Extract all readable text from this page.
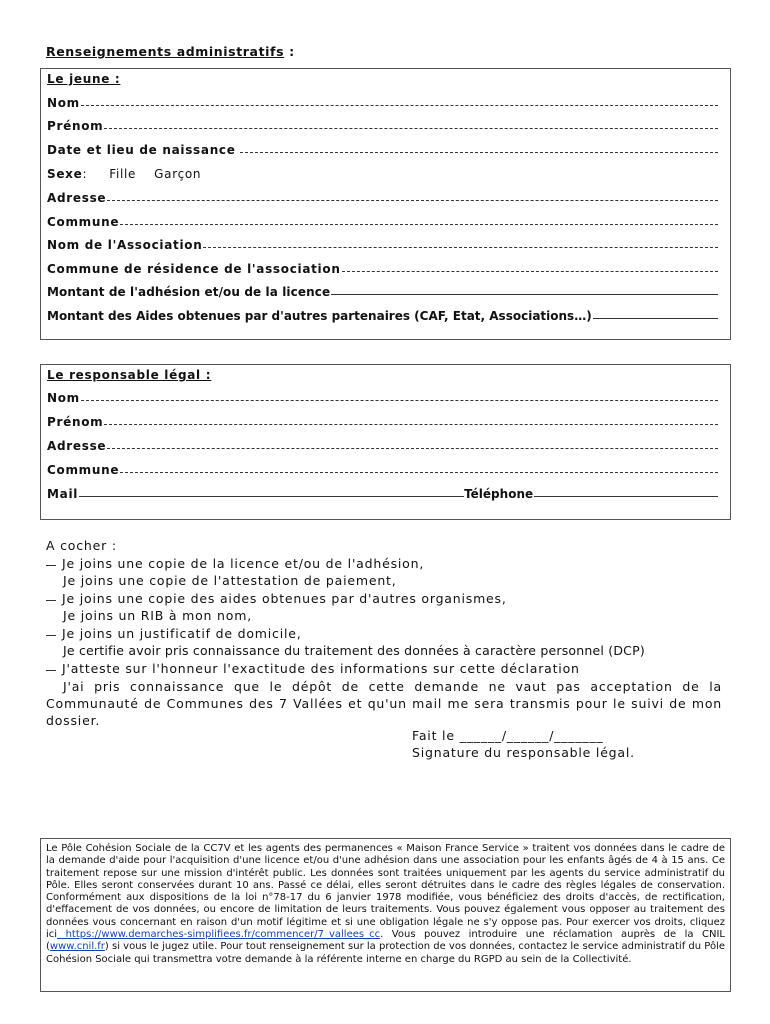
Renseignements administratifs :
Le jeune :
Nom
Prénom
Date et lieu de naissance
Sexe : Fille Garçon
Adresse
Commune
Nom de l'Association
Commune de résidence de l'association
Montant de l'adhésion et/ou de la licence
Montant des Aides obtenues par d'autres partenaires (CAF, Etat, Associations…)
Le responsable légal :
Nom
Prénom
Adresse
Commune
Mail	Téléphone
A cocher :
Je joins une copie de la licence et/ou de l'adhésion,
Je joins une copie de l'attestation de paiement,
Je joins une copie des aides obtenues par d'autres organismes,
Je joins un RIB à mon nom,
Je joins un justificatif de domicile,
Je certifie avoir pris connaissance du traitement des données à caractère personnel (DCP)
J'atteste sur l'honneur l'exactitude des informations sur cette déclaration
J'ai pris connaissance que le dépôt de cette demande ne vaut pas acceptation de la Communauté de Communes des 7 Vallées et qu'un mail me sera transmis pour le suivi de mon dossier.
Fait le ______/______/_______
Signature du responsable légal.
Le Pôle Cohésion Sociale de la CC7V et les agents des permanences « Maison France Service » traitent vos données dans le cadre de la demande d'aide pour l'acquisition d'une licence et/ou d'une adhésion dans une association pour les enfants âgés de 4 à 15 ans. Ce traitement repose sur une mission d'intérêt public. Les données sont traitées uniquement par les agents du service administratif du Pôle. Elles seront conservées durant 10 ans. Passé ce délai, elles seront détruites dans le cadre des règles légales de conservation. Conformément aux dispositions de la loi n°78-17 du 6 janvier 1978 modifiée, vous bénéficiez des droits d'accès, de rectification, d'effacement de vos données, ou encore de limitation de leurs traitements. Vous pouvez également vous opposer au traitement des données vous concernant en raison d'un motif légitime et si une obligation légale ne s'y oppose pas. Pour exercer vos droits, cliquez ici https://www.demarches-simplifiees.fr/commencer/7_vallees_cc. Vous pouvez introduire une réclamation auprès de la CNIL (www.cnil.fr) si vous le jugez utile. Pour tout renseignement sur la protection de vos données, contactez le service administratif du Pôle Cohésion Sociale qui transmettra votre demande à la référente interne en charge du RGPD au sein de la Collectivité.
